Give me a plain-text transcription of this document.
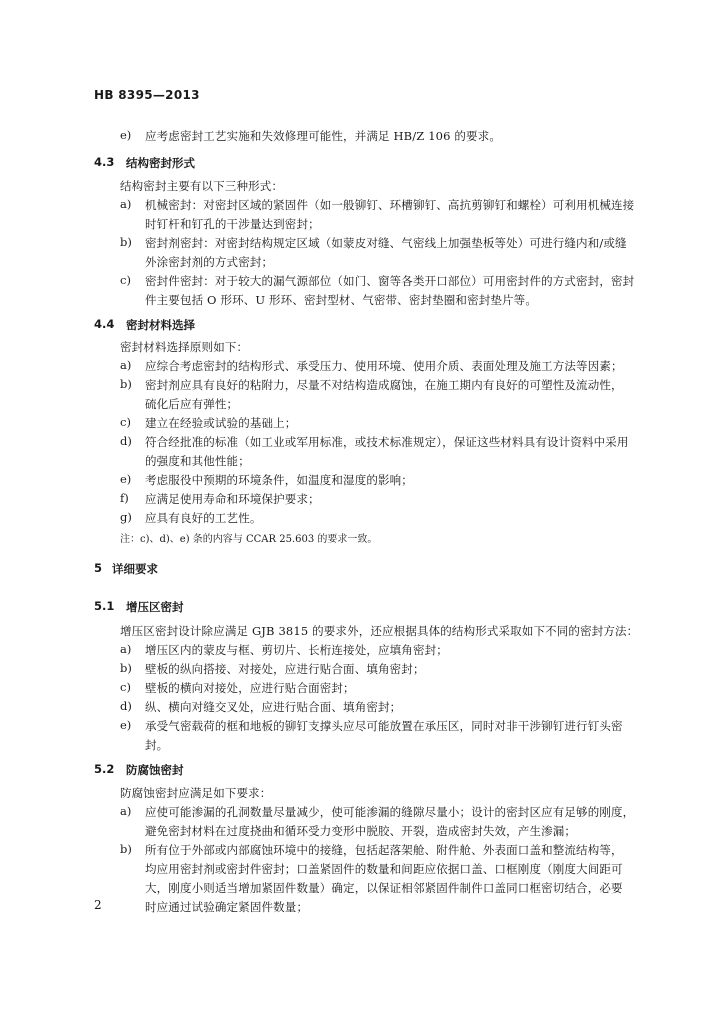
HB 8395—2013
e) 应考虑密封工艺实施和失效修理可能性，并满足 HB/Z 106 的要求。
4.3 结构密封形式
结构密封主要有以下三种形式：
a) 机械密封：对密封区域的紧固件（如一般铆钉、环槽铆钉、高抗剪铆钉和螺栓）可利用机械连接
时钉杆和钉孔的干涉量达到密封；
b) 密封剂密封：对密封结构规定区域（如蒙皮对缝、气密线上加强垫板等处）可进行缝内和/或缝
外涂密封剂的方式密封；
c) 密封件密封：对于较大的漏气源部位（如门、窗等各类开口部位）可用密封件的方式密封，密封
件主要包括 O 形环、U 形环、密封型材、气密带、密封垫圈和密封垫片等。
4.4 密封材料选择
密封材料选择原则如下：
a) 应综合考虑密封的结构形式、承受压力、使用环境、使用介质、表面处理及施工方法等因素；
b) 密封剂应具有良好的粘附力，尽量不对结构造成腐蚀，在施工期内有良好的可塑性及流动性，
硫化后应有弹性；
c) 建立在经验或试验的基础上；
d) 符合经批准的标准（如工业或军用标准，或技术标准规定），保证这些材料具有设计资料中采用
的强度和其他性能；
e) 考虑服役中预期的环境条件，如温度和湿度的影响；
f) 应满足使用寿命和环境保护要求；
g) 应具有良好的工艺性。
注：c)、d)、e) 条的内容与 CCAR 25.603 的要求一致。
5 详细要求
5.1 增压区密封
增压区密封设计除应满足 GJB 3815 的要求外，还应根据具体的结构形式采取如下不同的密封方法：
a) 增压区内的蒙皮与框、剪切片、长桁连接处，应填角密封；
b) 壁板的纵向搭接、对接处，应进行贴合面、填角密封；
c) 壁板的横向对接处，应进行贴合面密封；
d) 纵、横向对缝交叉处，应进行贴合面、填角密封；
e) 承受气密载荷的框和地板的铆钉支撑头应尽可能放置在承压区，同时对非干涉铆钉进行钉头密
封。
5.2 防腐蚀密封
防腐蚀密封应满足如下要求：
a) 应使可能渗漏的孔洞数量尽量减少，使可能渗漏的缝隙尽量小；设计的密封区应有足够的刚度，
避免密封材料在过度挠曲和循环受力变形中脱胶、开裂，造成密封失效，产生渗漏；
b) 所有位于外部或内部腐蚀环境中的接缝，包括起落架舱、附件舱、外表面口盖和整流结构等，
均应用密封剂或密封件密封；口盖紧固件的数量和间距应依据口盖、口框刚度（刚度大间距可
大，刚度小则适当增加紧固件数量）确定，以保证相邻紧固件制件口盖同口框密切结合，必要
时应通过试验确定紧固件数量；
2
